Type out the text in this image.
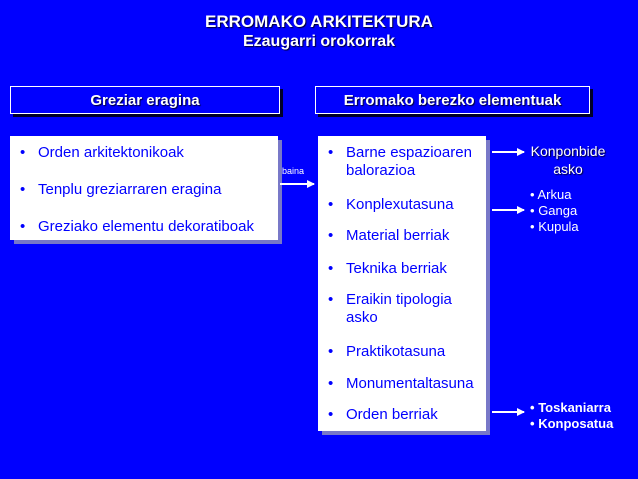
ERROMAKO ARKITEKTURA
Ezaugarri orokorrak
Greziar eragina	Erromako berezko elementuak
• Orden arkitektonikoak
• Tenplu greziarraren eragina
• Greziako elementu dekoratiboak
baina
• Barne espazioaren balorazioa
• Konplexutasuna
• Material berriak
• Teknika berriak
• Eraikin tipologia asko
• Praktikotasuna
• Monumentaltasuna
• Orden berriak
Konponbide asko
• Arkua
• Ganga
• Kupula
• Toskaniarra
• Konposatua
